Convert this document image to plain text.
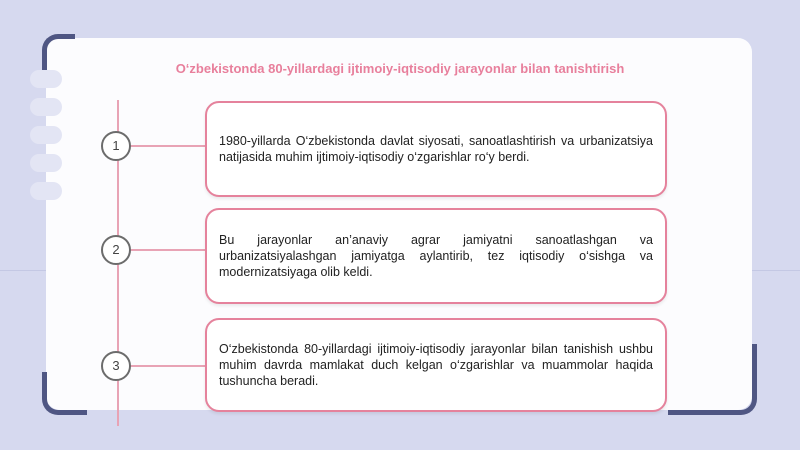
O‘zbekistonda 80-yillardagi ijtimoiy-iqtisodiy jarayonlar bilan tanishtirish
1
2
3
1980-yillarda O‘zbekistonda davlat siyosati, sanoatlashtirish va urbanizatsiya natijasida muhim ijtimoiy-iqtisodiy o‘zgarishlar ro‘y berdi.
Bu jarayonlar an’anaviy agrar jamiyatni sanoatlashgan va urbanizatsiyalashgan jamiyatga aylantirib, tez iqtisodiy o‘sishga va modernizatsiyaga olib keldi.
O‘zbekistonda 80-yillardagi ijtimoiy-iqtisodiy jarayonlar bilan tanishish ushbu muhim davrda mamlakat duch kelgan o‘zgarishlar va muammolar haqida tushuncha beradi.
